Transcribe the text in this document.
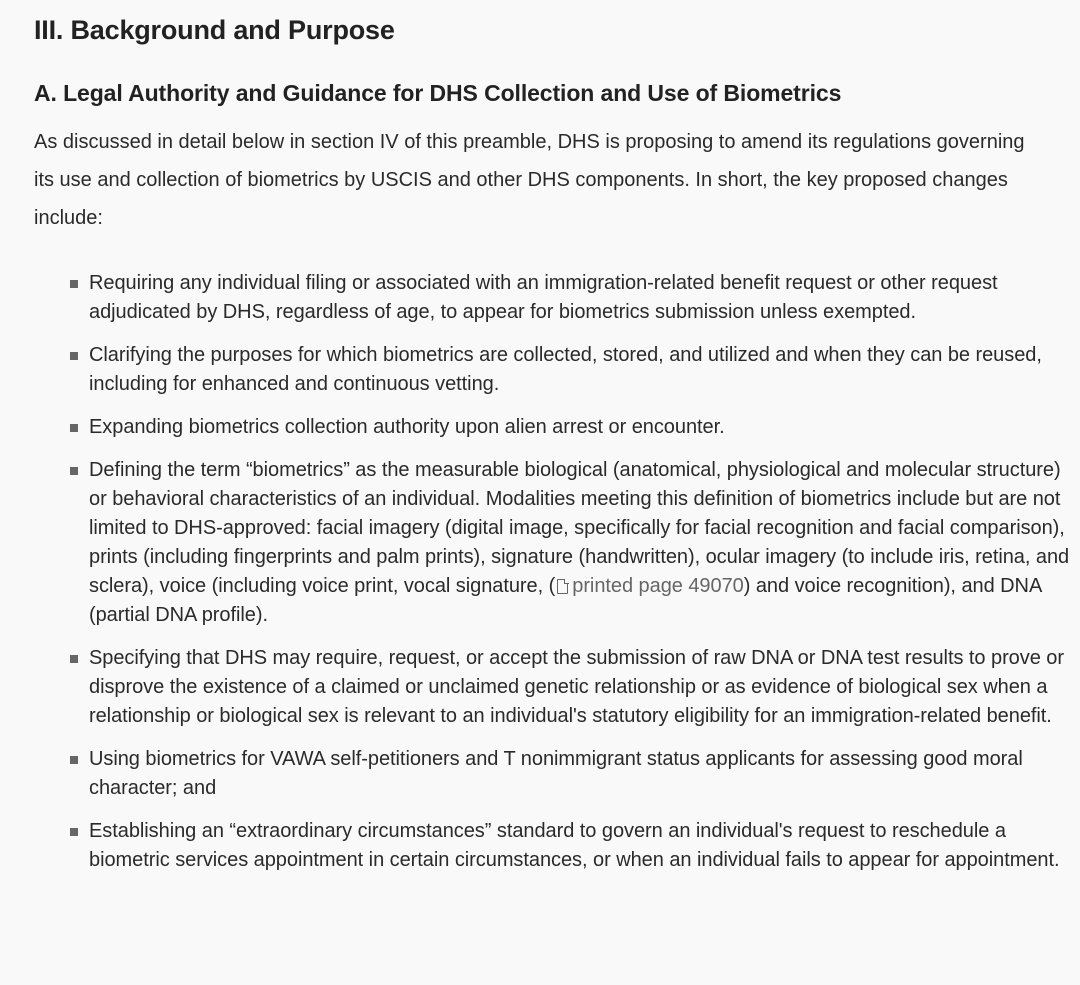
III. Background and Purpose
A. Legal Authority and Guidance for DHS Collection and Use of Biometrics

As discussed in detail below in section IV of this preamble, DHS is proposing to amend its regulations governing its use and collection of biometrics by USCIS and other DHS components. In short, the key proposed changes include:

Requiring any individual filing or associated with an immigration-related benefit request or other request adjudicated by DHS, regardless of age, to appear for biometrics submission unless exempted.
Clarifying the purposes for which biometrics are collected, stored, and utilized and when they can be reused, including for enhanced and continuous vetting.
Expanding biometrics collection authority upon alien arrest or encounter.
Defining the term “biometrics” as the measurable biological (anatomical, physiological and molecular structure) or behavioral characteristics of an individual. Modalities meeting this definition of biometrics include but are not limited to DHS-approved: facial imagery (digital image, specifically for facial recognition and facial comparison), prints (including fingerprints and palm prints), signature (handwritten), ocular imagery (to include iris, retina, and sclera), voice (including voice print, vocal signature, ( printed page 49070) and voice recognition), and DNA (partial DNA profile).
Specifying that DHS may require, request, or accept the submission of raw DNA or DNA test results to prove or disprove the existence of a claimed or unclaimed genetic relationship or as evidence of biological sex when a relationship or biological sex is relevant to an individual's statutory eligibility for an immigration-related benefit.
Using biometrics for VAWA self-petitioners and T nonimmigrant status applicants for assessing good moral character; and
Establishing an “extraordinary circumstances” standard to govern an individual's request to reschedule a biometric services appointment in certain circumstances, or when an individual fails to appear for appointment.
